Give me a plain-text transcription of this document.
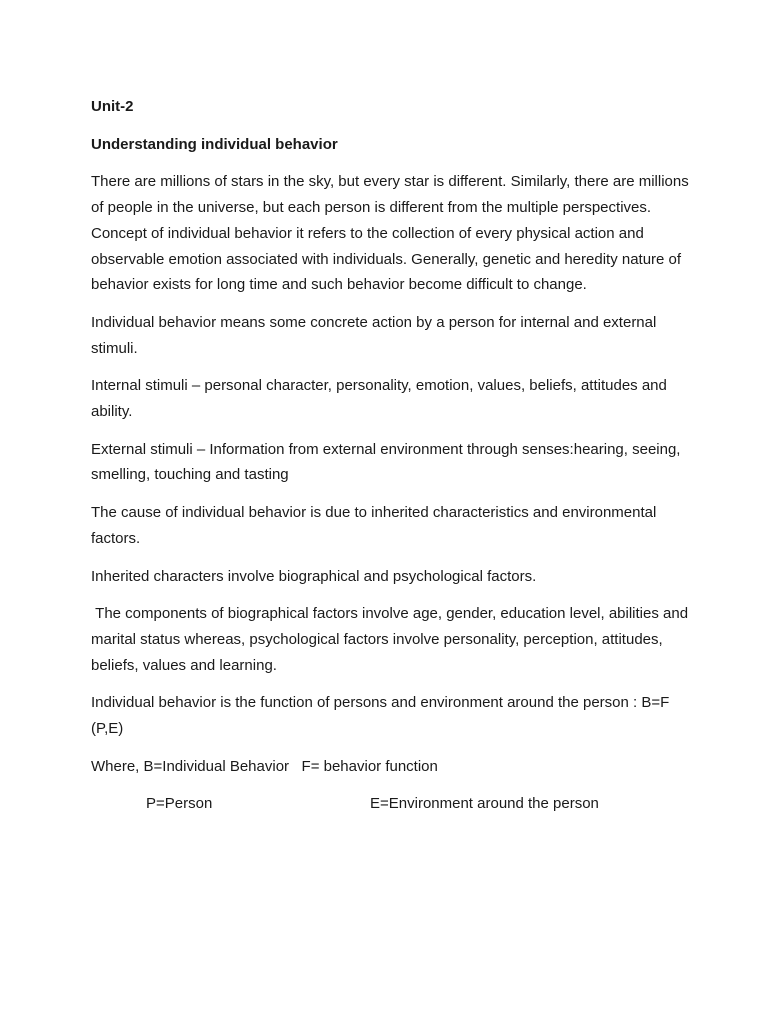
Unit-2
Understanding individual behavior

There are millions of stars in the sky, but every star is different. Similarly, there are millions of people in the universe, but each person is different from the multiple perspectives. Concept of individual behavior it refers to the collection of every physical action and observable emotion associated with individuals. Generally, genetic and heredity nature of behavior exists for long time and such behavior become difficult to change.

Individual behavior means some concrete action by a person for internal and external stimuli.

Internal stimuli – personal character, personality, emotion, values, beliefs, attitudes and ability.

External stimuli – Information from external environment through senses:hearing, seeing, smelling, touching and tasting

The cause of individual behavior is due to inherited characteristics and environmental factors.

Inherited characters involve biographical and psychological factors.

The components of biographical factors involve age, gender, education level, abilities and marital status whereas, psychological factors involve personality, perception, attitudes, beliefs, values and learning.

Individual behavior is the function of persons and environment around the person : B=F (P,E)

Where, B=Individual Behavior   F= behavior function
P=Person	E=Environment around the person
